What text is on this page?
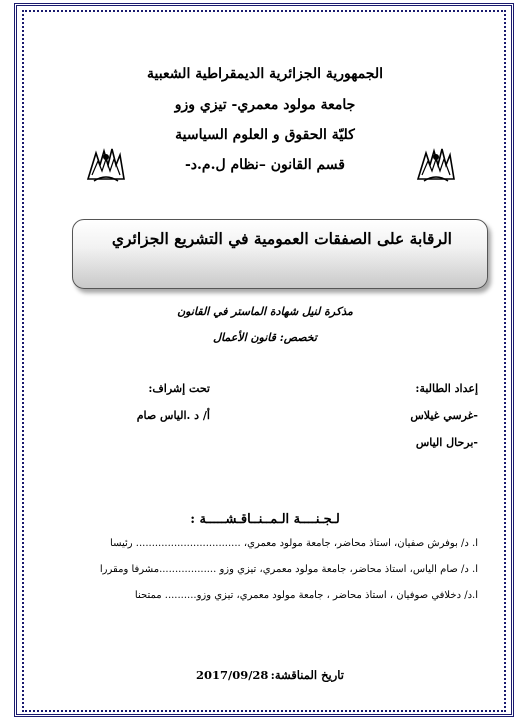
الجمهورية الجزائرية الديمقراطية الشعبية
جامعة مولود معمري- تيزي وزو
كليّة الحقوق و العلوم السياسية
قسم القانون –نظام ل.م.د-
الرقابة على الصفقات العمومية في التشريع الجزائري
مذكرة لنيل شهادة الماستر في القانون
تخصص: قانون الأعمال
إعداد الطالبة:
تحت إشراف:
-غرسي غيلاس
أ/ د .الياس صام
-برحال الياس
لـجـنــــة الـمــنــاقـشـــــة :
أ. د/ بوفرش صفيان، أستاذ محاضر، جامعة مولود معمري، ................................. رئيسا
أ. د/ صام الياس، أستاذ محاضر، جامعة مولود معمري، تيزي وزو ..................مشرفا ومقررا
أ.د/ دخلافي صوفيان ، أستاذ محاضر ، جامعة مولود معمري، تيزي وزو.......... ممتحنا
تاريخ المناقشة:
2017/09/28
